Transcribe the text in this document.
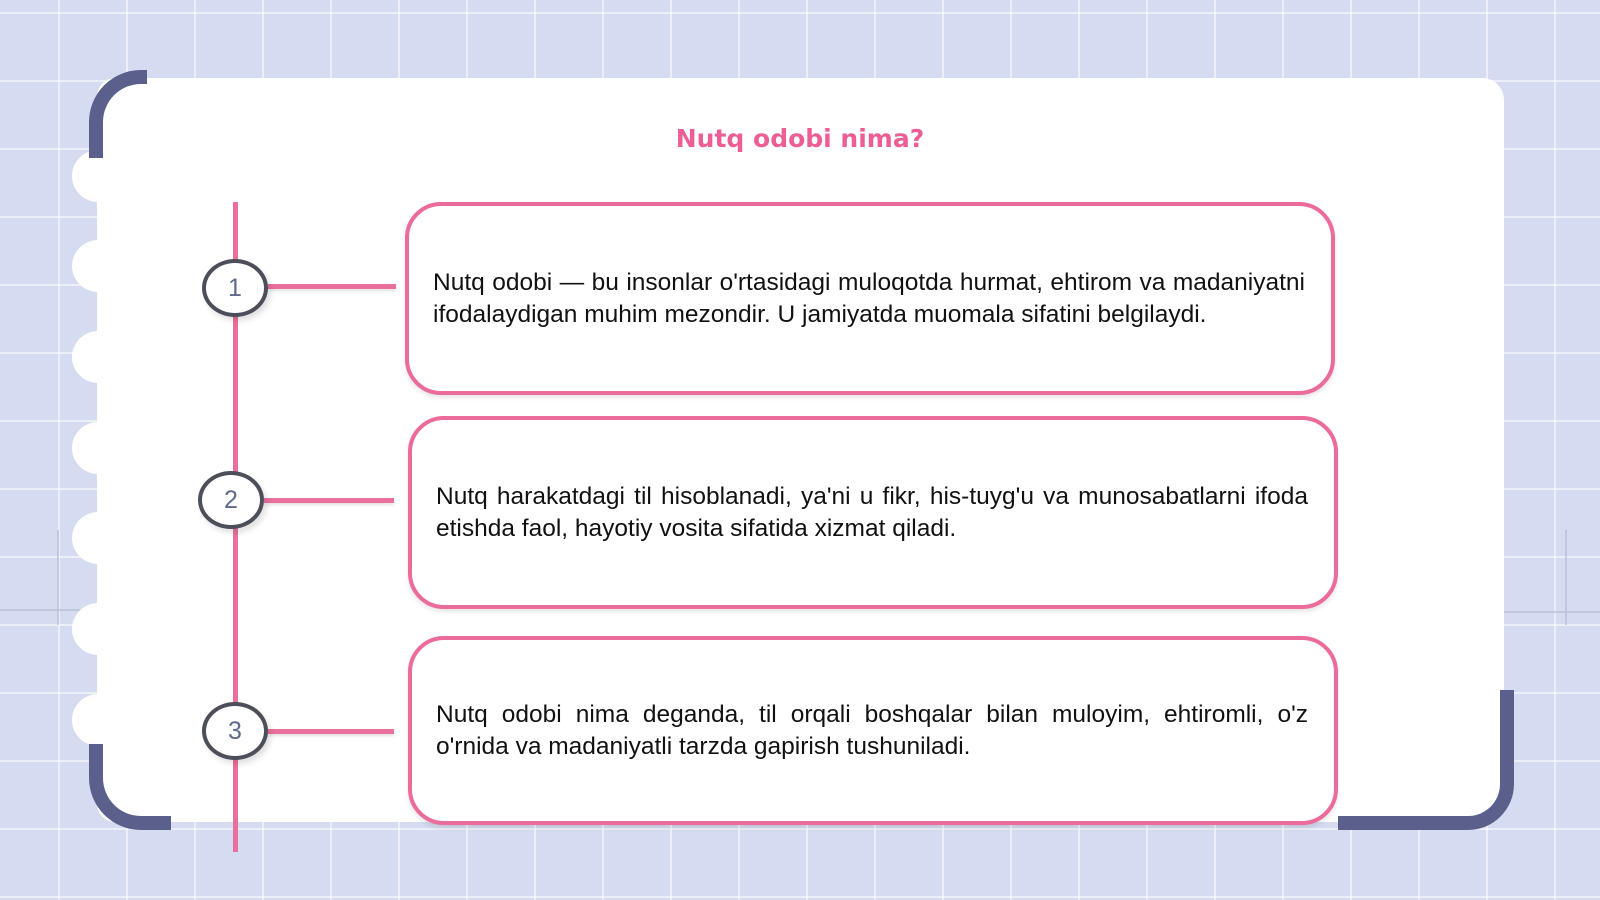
Nutq odobi nima?
1	Nutq odobi — bu insonlar o'rtasidagi muloqotda hurmat, ehtirom va madaniyatni ifodalaydigan muhim mezondir. U jamiyatda muomala sifatini belgilaydi.

2	Nutq harakatdagi til hisoblanadi, ya'ni u fikr, his-tuyg'u va munosabatlarni ifoda etishda faol, hayotiy vosita sifatida xizmat qiladi.

3

Nutq odobi nima deganda, til orqali boshqalar bilan muloyim, ehtiromli, o'z o'rnida va madaniyatli tarzda gapirish tushuniladi.
